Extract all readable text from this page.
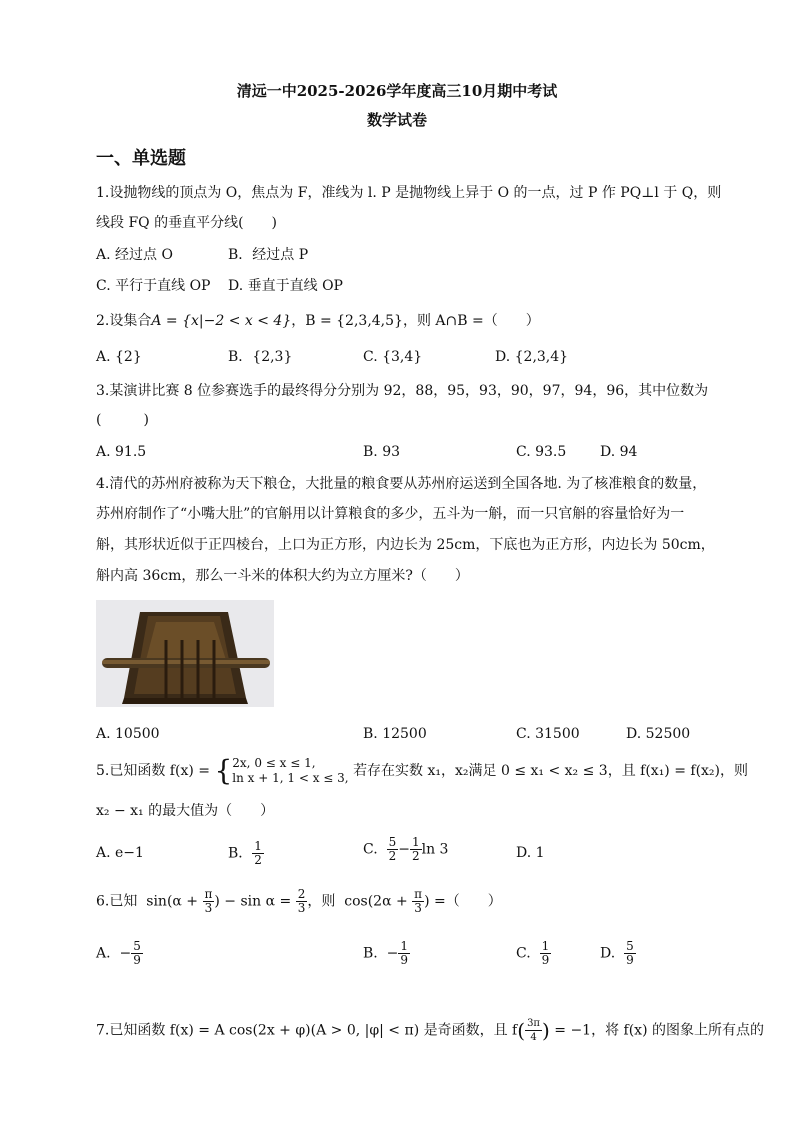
清远一中2025-2026学年度高三10月期中考试
数学试卷
一、单选题
1.设抛物线的顶点为 O，焦点为 F，准线为 l. P 是抛物线上异于 O 的一点，过 P 作 PQ⊥l 于 Q，则
线段 FQ 的垂直平分线(　　)
A. 经过点 O	B．经过点 P
C. 平行于直线 OP D. 垂直于直线 OP
2.设集合A = {x|−2 < x < 4}，B = {2,3,4,5}，则 A∩B =（　　）
A. {2}	B．{2,3}	C. {3,4}	D. {2,3,4}
3.某演讲比赛 8 位参赛选手的最终得分分别为 92，88，95，93，90，97，94，96，其中位数为
(　　　)
A. 91.5	B. 93	C. 93.5 D. 94
4.清代的苏州府被称为天下粮仓，大批量的粮食要从苏州府运送到全国各地. 为了核准粮食的数量，
苏州府制作了“小嘴大肚”的官斛用以计算粮食的多少，五斗为一斛，而一只官斛的容量恰好为一
斛，其形状近似于正四棱台，上口为正方形，内边长为 25cm，下底也为正方形，内边长为 50cm，
斛内高 36cm，那么一斗米的体积大约为立方厘米?（　　）
A. 10500	B. 12500	C. 31500	D. 52500
5.已知函数 f(x) = { 2x, 0 ≤ x ≤ 1,
ln x + 1, 1 < x ≤ 3, 若存在实数 x₁，x₂满足 0 ≤ x₁ < x₂ ≤ 3，且 f(x₁) = f(x₂)，则
x₂ − x₁ 的最大值为（　　）
A. e−1	B． $\frac{1}{2}$	C. $\frac{5}{2} - \frac{1}{2}$ ln 3	D. 1
6.已知 $\sin(\alpha + \frac{\pi}{3}$ ) − $\sin \alpha = \frac{2}{3}$ ，则 $\cos(2\alpha + \frac{\pi}{3}$ ) =（　　）
A. − $\frac{5}{9}$	B. − $\frac{1}{9}$	C. $\frac{1}{9}$	D. $\frac{5}{9}$
7.已知函数 f(x) = A cos(2x + φ)(A > 0, |φ| < π) 是奇函数，且 $f( \frac{3\pi}{4}$ ) = −1，将 f(x) 的图象上所有点的
